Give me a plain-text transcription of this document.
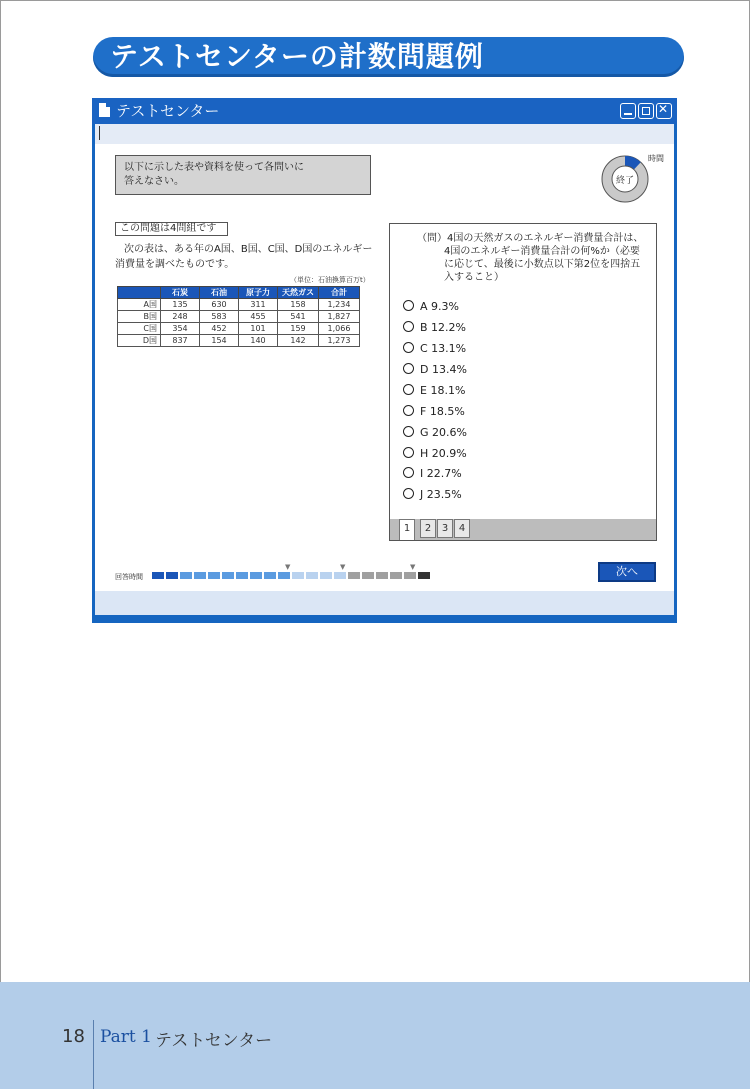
テストセンターの計数問題例
テストセンター	✕
以下に示した表や資料を使って各問いに
答えなさい。	終了
時間
この問題は4問組です
次の表は、ある年のA国、B国、C国、D国のエネルギー消費量を調べたものです。
（単位：石油換算百万t）
	石炭	石油	原子力	天然ガス	合計
A国	135	630	311	158	1,234
B国	248	583	455	541	1,827
C国	354	452	101	159	1,066
D国	837	154	140	142	1,273
（問）4国の天然ガスのエネルギー消費量合計は、
4国のエネルギー消費量合計の何%か（必要
に応じて、最後に小数点以下第2位を四捨五
入すること）
A 9.3%
B 12.2%
C 13.1%
D 13.4%
E 18.1%
F 18.5%
G 20.6%
H 20.9%
I 22.7%
J 23.5%
1	2	3	4
回答時間
▼	▼	▼	次へ
18 Part 1 テストセンター
